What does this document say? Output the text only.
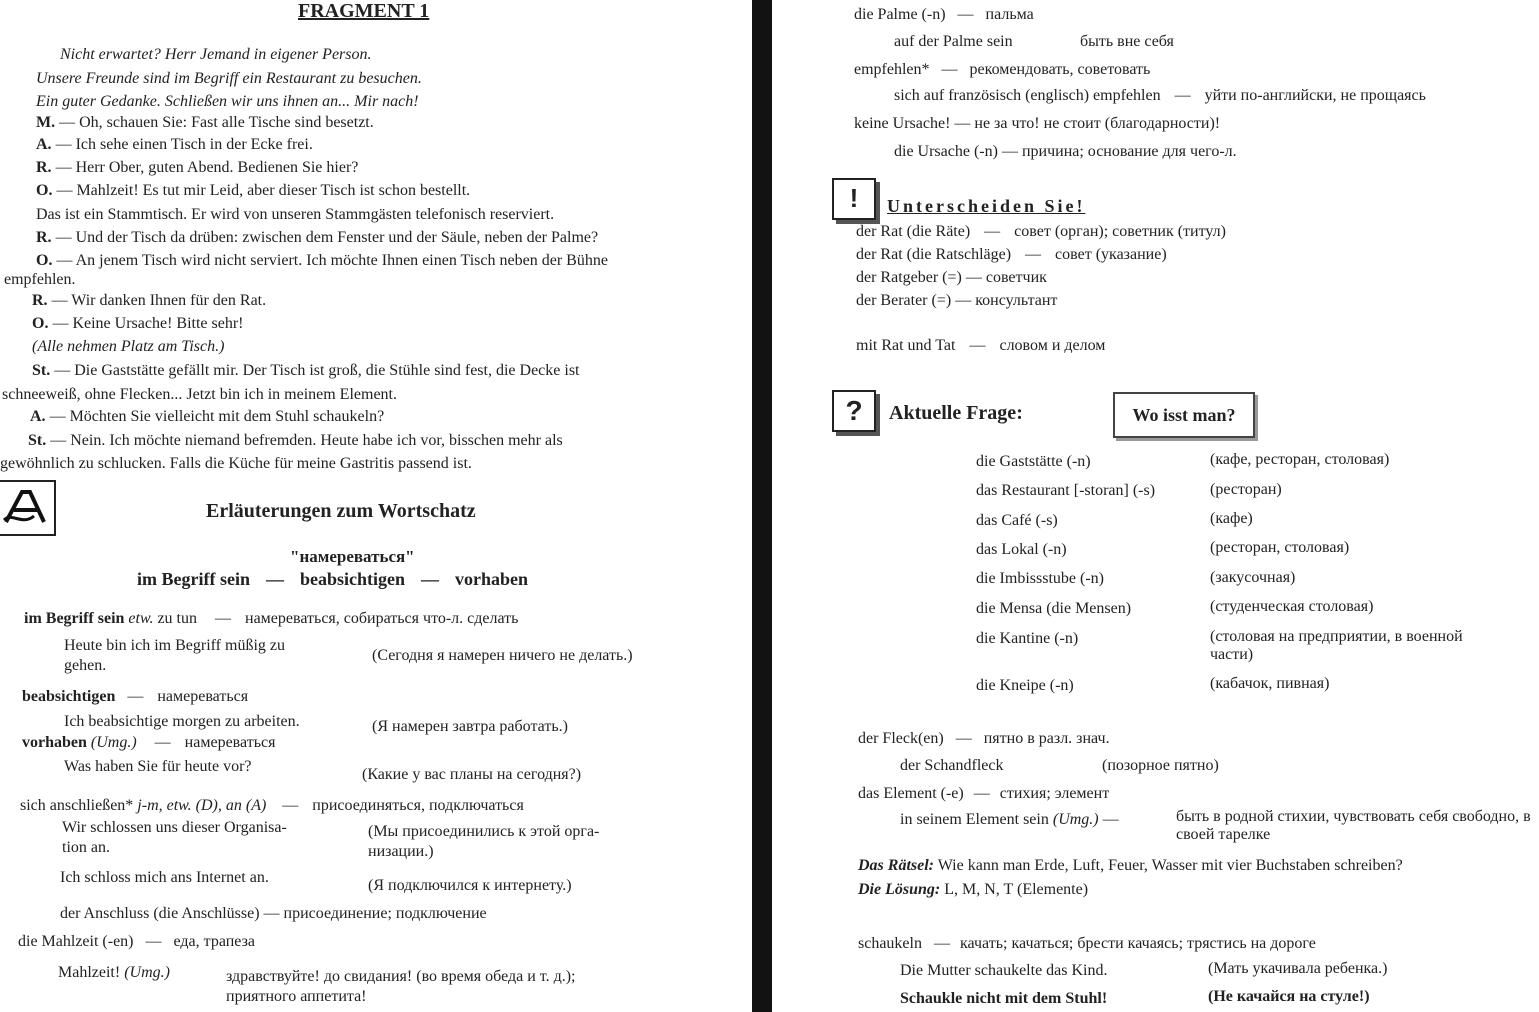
FRAGMENT 1
Nicht erwartet? Herr Jemand in eigener Person.
Unsere Freunde sind im Begriff ein Restaurant zu besuchen.
Ein guter Gedanke. Schließen wir uns ihnen an... Mir nach!
M. — Oh, schauen Sie: Fast alle Tische sind besetzt.
A. — Ich sehe einen Tisch in der Ecke frei.
R. — Herr Ober, guten Abend. Bedienen Sie hier?
O. — Mahlzeit! Es tut mir Leid, aber dieser Tisch ist schon bestellt.
Das ist ein Stammtisch. Er wird von unseren Stammgästen telefonisch reserviert.
R. — Und der Tisch da drüben: zwischen dem Fenster und der Säule, neben der Palme?
O. — An jenem Tisch wird nicht serviert. Ich möchte Ihnen einen Tisch neben der Bühne
empfehlen.
R. — Wir danken Ihnen für den Rat.
O. — Keine Ursache! Bitte sehr!
(Alle nehmen Platz am Tisch.)
St. — Die Gaststätte gefällt mir. Der Tisch ist groß, die Stühle sind fest, die Decke ist
schneeweiß, ohne Flecken... Jetzt bin ich in meinem Element.
A. — Möchten Sie vielleicht mit dem Stuhl schaukeln?
St. — Nein. Ich möchte niemand befremden. Heute habe ich vor, bisschen mehr als
gewöhnlich zu schlucken. Falls die Küche für meine Gastritis passend ist.
Erläuterungen zum Wortschatz
"намереваться"
im Begriff sein — beabsichtigen — vorhaben
im Begriff sein etw. zu tun — намереваться, собираться что-л. сделать
Heute bin ich im Begriff müßig zu
gehen.
(Сегодня я намерен ничего не делать.)
beabsichtigen — намереваться
Ich beabsichtige morgen zu arbeiten.	(Я намерен завтра работать.)
vorhaben (Umg.) — намереваться
Was haben Sie für heute vor?	(Какие у вас планы на сегодня?)
sich anschließen* j-m, etw. (D), an (A) — присоединяться, подключаться
Wir schlossen uns dieser Organisa-
tion an.
(Мы присоединились к этой орга-
низации.)
Ich schloss mich ans Internet an.	(Я подключился к интернету.)
der Anschluss (die Anschlüsse) — присоединение; подключение
die Mahlzeit (-en) — еда, трапеза
Mahlzeit! (Umg.)	здравствуйте! до свидания! (во время обеда и т. д.);
приятного аппетита!
die Palme (-n) — пальма
auf der Palme sein	быть вне себя
empfehlen* — рекомендовать, советовать
sich auf französisch (englisch) empfehlen — уйти по-английски, не прощаясь
keine Ursache! — не за что! не стоит (благодарности)!
die Ursache (-n) — причина; основание для чего-л.
!	Unterscheiden Sie!
der Rat (die Räte) — совет (орган); советник (титул)
der Rat (die Ratschläge) — совет (указание)
der Ratgeber (=) — советчик
der Berater (=) — консультант
mit Rat und Tat — словом и делом
?	Aktuelle Frage:	Wo isst man?
die Gaststätte (-n)	(кафе, ресторан, столовая)
das Restaurant [-storan] (-s)	(ресторан)
das Café (-s)	(кафе)
das Lokal (-n)	(ресторан, столовая)
die Imbissstube (-n)	(закусочная)
die Mensa (die Mensen)	(студенческая столовая)
die Kantine (-n)	(столовая на предприятии, в военной части)
die Kneipe (-n)	(кабачок, пивная)
der Fleck(en) — пятно в разл. знач.
der Schandfleck	(позорное пятно)
das Element (-e) — стихия; элемент
in seinem Element sein (Umg.) —	быть в родной стихии, чувствовать себя свободно, в своей тарелке
Das Rätsel: Wie kann man Erde, Luft, Feuer, Wasser mit vier Buchstaben schreiben?
Die Lösung: L, M, N, T (Elemente)
schaukeln — качать; качаться; брести качаясь; трястись на дороге
Die Mutter schaukelte das Kind.	(Мать укачивала ребенка.)
Schaukle nicht mit dem Stuhl!	(Не качайся на стуле!)
